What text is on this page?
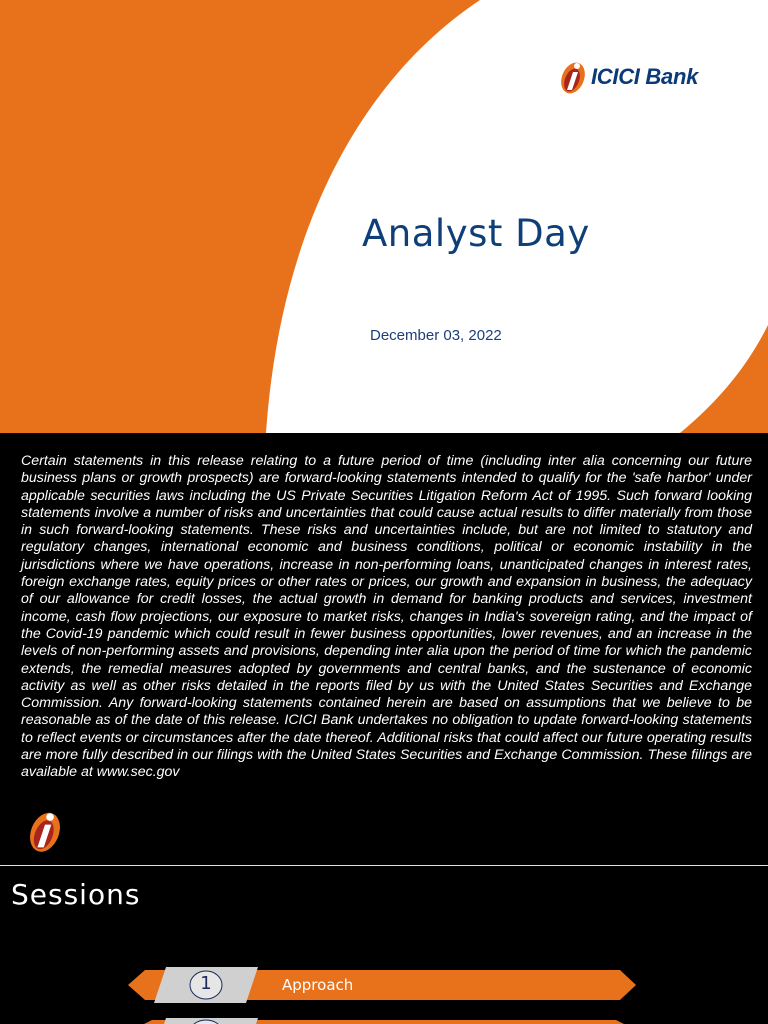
ICICI Bank
Analyst Day
December 03, 2022

Certain statements in this release relating to a future period of time (including inter alia concerning our future business plans or growth prospects) are forward-looking statements intended to qualify for the 'safe harbor' under applicable securities laws including the US Private Securities Litigation Reform Act of 1995. Such forward looking statements involve a number of risks and uncertainties that could cause actual results to differ materially from those in such forward-looking statements. These risks and uncertainties include, but are not limited to statutory and regulatory changes, international economic and business conditions, political or economic instability in the jurisdictions where we have operations, increase in non-performing loans, unanticipated changes in interest rates, foreign exchange rates, equity prices or other rates or prices, our growth and expansion in business, the adequacy of our allowance for credit losses, the actual growth in demand for banking products and services, investment income, cash flow projections, our exposure to market risks, changes in India's sovereign rating, and the impact of the Covid-19 pandemic which could result in fewer business opportunities, lower revenues, and an increase in the levels of non-performing assets and provisions, depending inter alia upon the period of time for which the pandemic extends, the remedial measures adopted by governments and central banks, and the sustenance of economic activity as well as other risks detailed in the reports filed by us with the United States Securities and Exchange Commission. Any forward-looking statements contained herein are based on assumptions that we believe to be reasonable as of the date of this release. ICICI Bank undertakes no obligation to update forward-looking statements to reflect events or circumstances after the date thereof. Additional risks that could affect our future operating results are more fully described in our filings with the United States Securities and Exchange Commission. These filings are available at www.sec.gov

Sessions
1	Approach
